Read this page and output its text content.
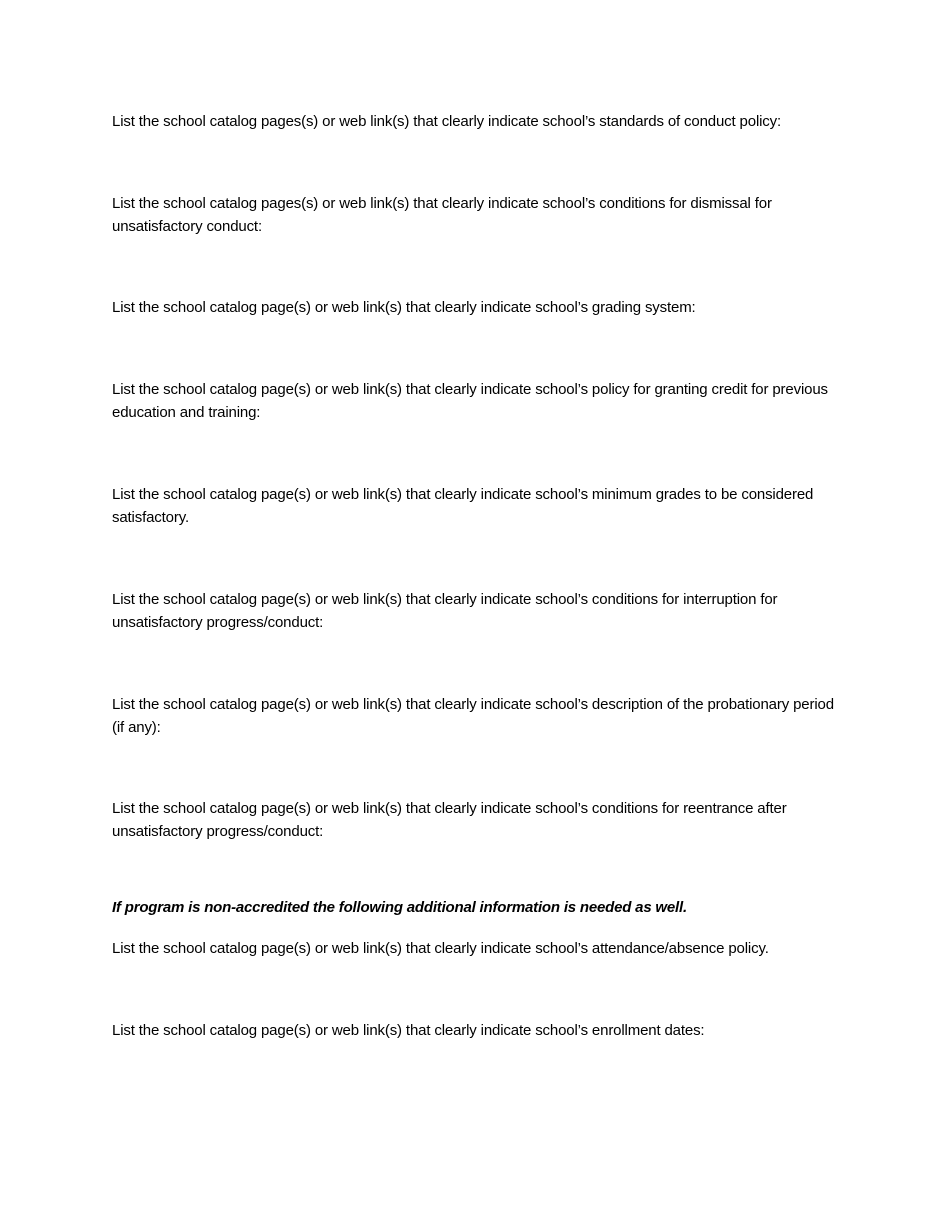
List the school catalog pages(s) or web link(s) that clearly indicate school’s standards of conduct policy:

List the school catalog pages(s) or web link(s) that clearly indicate school’s conditions for dismissal for unsatisfactory conduct:

List the school catalog page(s) or web link(s) that clearly indicate school’s grading system:

List the school catalog page(s) or web link(s) that clearly indicate school’s policy for granting credit for previous education and training:

List the school catalog page(s) or web link(s) that clearly indicate school’s minimum grades to be considered satisfactory.

List the school catalog page(s) or web link(s) that clearly indicate school’s conditions for interruption for unsatisfactory progress/conduct:

List the school catalog page(s) or web link(s) that clearly indicate school’s description of the probationary period (if any):

List the school catalog page(s) or web link(s) that clearly indicate school’s conditions for reentrance after unsatisfactory progress/conduct:

If program is non-accredited the following additional information is needed as well.

List the school catalog page(s) or web link(s) that clearly indicate school’s attendance/absence policy.

List the school catalog page(s) or web link(s) that clearly indicate school’s enrollment dates:
